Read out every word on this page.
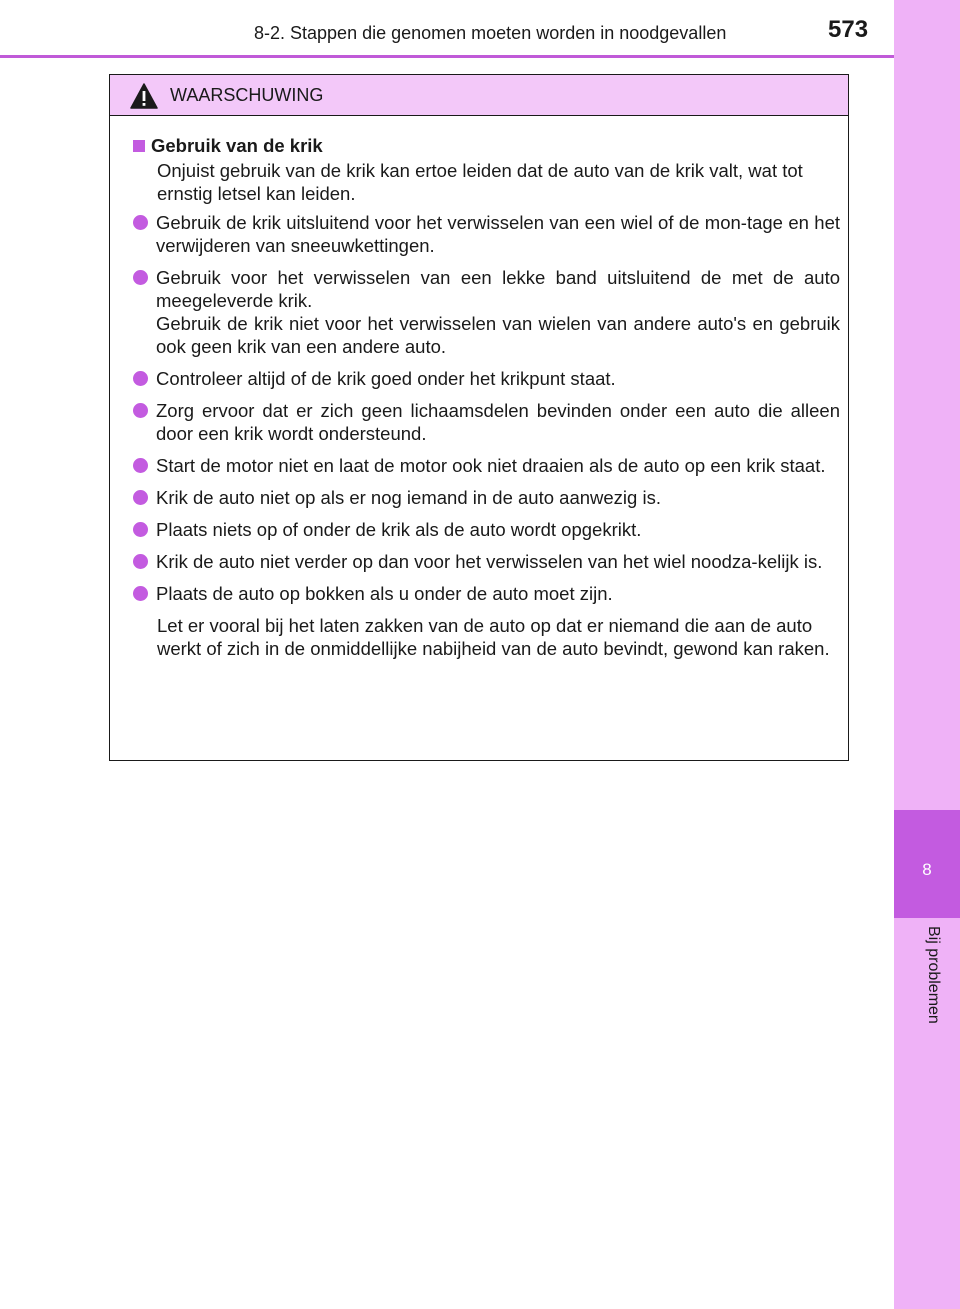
8-2. Stappen die genomen moeten worden in noodgevallen	573
8
Bij problemen
WAARSCHUWING
Gebruik van de krik

Onjuist gebruik van de krik kan ertoe leiden dat de auto van de krik valt, wat tot ernstig letsel kan leiden.

Gebruik de krik uitsluitend voor het verwisselen van een wiel of de mon-tage en het verwijderen van sneeuwkettingen.

Gebruik voor het verwisselen van een lekke band uitsluitend de met de auto meegeleverde krik.

Gebruik de krik niet voor het verwisselen van wielen van andere auto's en gebruik ook geen krik van een andere auto.

Controleer altijd of de krik goed onder het krikpunt staat.

Zorg ervoor dat er zich geen lichaamsdelen bevinden onder een auto die alleen door een krik wordt ondersteund.

Start de motor niet en laat de motor ook niet draaien als de auto op een krik staat.

Krik de auto niet op als er nog iemand in de auto aanwezig is.

Plaats niets op of onder de krik als de auto wordt opgekrikt.

Krik de auto niet verder op dan voor het verwisselen van het wiel noodza-kelijk is.

Plaats de auto op bokken als u onder de auto moet zijn.

Let er vooral bij het laten zakken van de auto op dat er niemand die aan de auto werkt of zich in de onmiddellijke nabijheid van de auto bevindt, gewond kan raken.
